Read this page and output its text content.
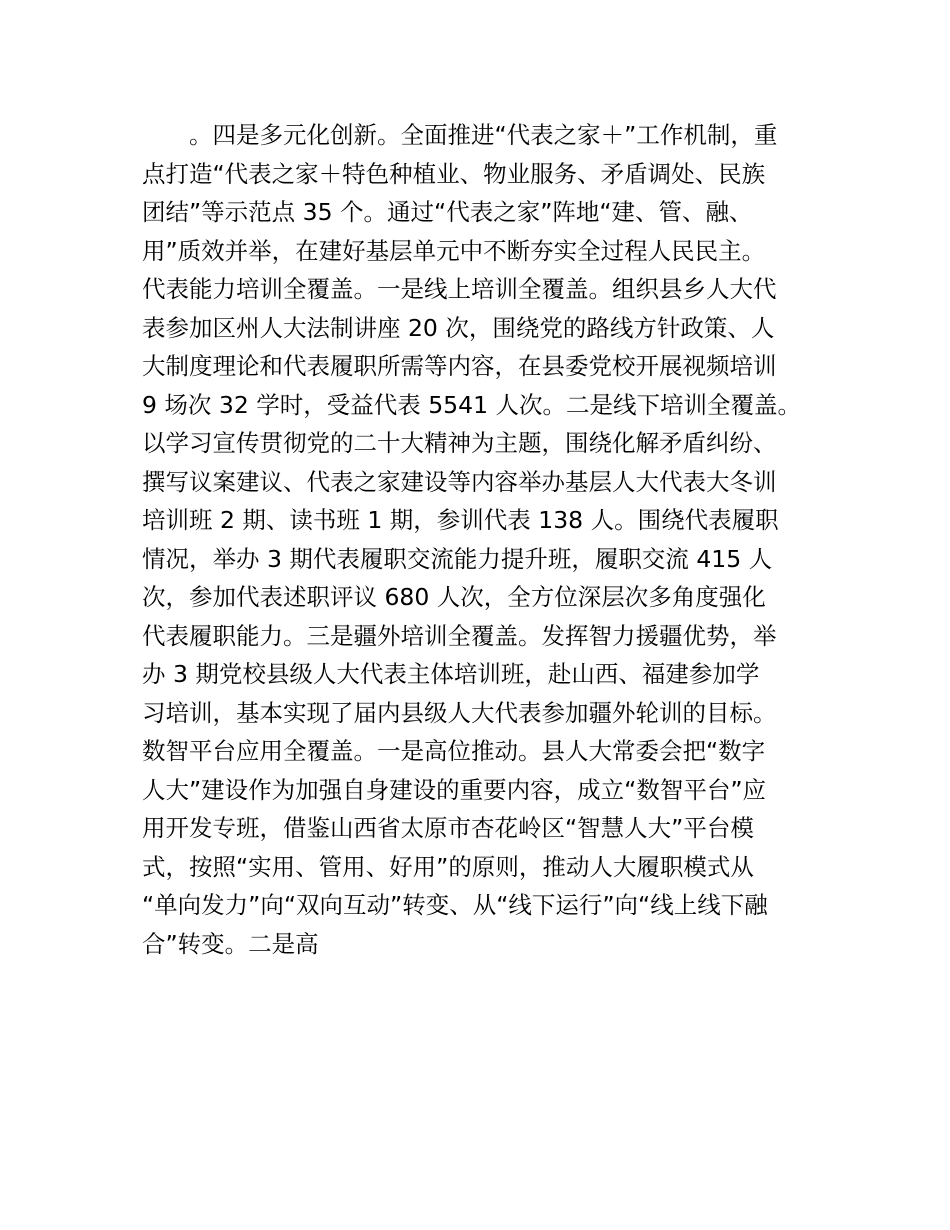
　　。四是多元化创新。全面推进“代表之家＋”工作机制，重
点打造“代表之家＋特色种植业、物业服务、矛盾调处、民族
团结”等示范点 35 个。通过“代表之家”阵地“建、管、融、
用”质效并举，在建好基层单元中不断夯实全过程人民民主。
代表能力培训全覆盖。一是线上培训全覆盖。组织县乡人大代
表参加区州人大法制讲座 20 次，围绕党的路线方针政策、人
大制度理论和代表履职所需等内容，在县委党校开展视频培训
9 场次 32 学时，受益代表 5541 人次。二是线下培训全覆盖。
以学习宣传贯彻党的二十大精神为主题，围绕化解矛盾纠纷、
撰写议案建议、代表之家建设等内容举办基层人大代表大冬训
培训班 2 期、读书班 1 期，参训代表 138 人。围绕代表履职
情况，举办 3 期代表履职交流能力提升班，履职交流 415 人
次，参加代表述职评议 680 人次，全方位深层次多角度强化
代表履职能力。三是疆外培训全覆盖。发挥智力援疆优势，举
办 3 期党校县级人大代表主体培训班，赴山西、福建参加学
习培训，基本实现了届内县级人大代表参加疆外轮训的目标。
数智平台应用全覆盖。一是高位推动。县人大常委会把“数字
人大”建设作为加强自身建设的重要内容，成立“数智平台”应
用开发专班，借鉴山西省太原市杏花岭区“智慧人大”平台模
式，按照“实用、管用、好用”的原则，推动人大履职模式从
“单向发力”向“双向互动”转变、从“线下运行”向“线上线下融
合”转变。二是高
